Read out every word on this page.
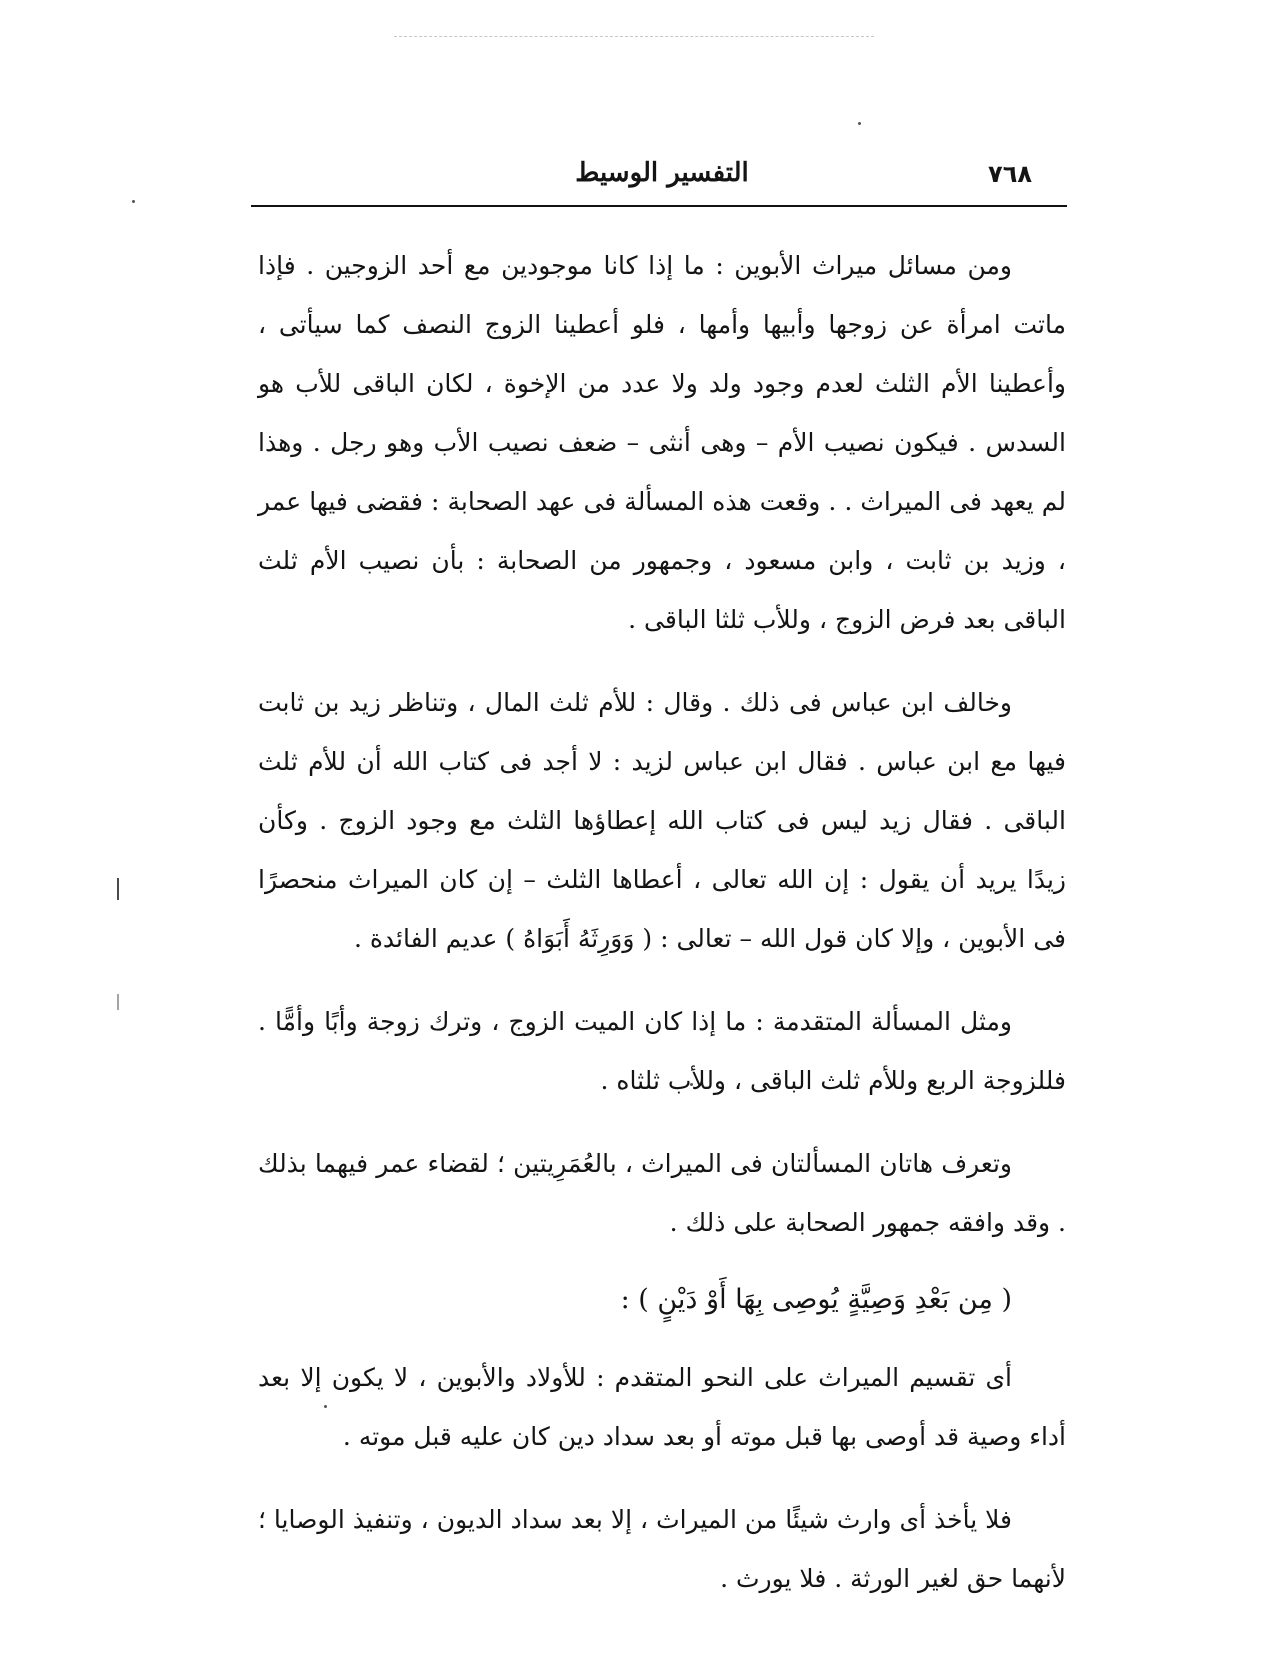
٧٦٨
التفسير الوسيط

ومن مسائل ميراث الأبوين : ما إذا كانا موجودين مع أحد الزوجين . فإذا ماتت امرأة عن زوجها وأبيها وأمها ، فلو أعطينا الزوج النصف كما سيأتى ، وأعطينا الأم الثلث لعدم وجود ولد ولا عدد من الإخوة ، لكان الباقى للأب هو السدس . فيكون نصيب الأم – وهى أنثى – ضعف نصيب الأب وهو رجل . وهذا لم يعهد فى الميراث . . وقعت هذه المسألة فى عهد الصحابة : فقضى فيها عمر ، وزيد بن ثابت ، وابن مسعود ، وجمهور من الصحابة : بأن نصيب الأم ثلث الباقى بعد فرض الزوج ، وللأب ثلثا الباقى .

وخالف ابن عباس فى ذلك . وقال : للأم ثلث المال ، وتناظر زيد بن ثابت فيها مع ابن عباس . فقال ابن عباس لزيد : لا أجد فى كتاب الله أن للأم ثلث الباقى . فقال زيد ليس فى كتاب الله إعطاؤها الثلث مع وجود الزوج . وكأن زيدًا يريد أن يقول : إن الله تعالى ، أعطاها الثلث – إن كان الميراث منحصرًا فى الأبوين ، وإلا كان قول الله – تعالى : ( وَوَرِثَهُ أَبَوَاهُ ) عديم الفائدة .

ومثل المسألة المتقدمة : ما إذا كان الميت الزوج ، وترك زوجة وأبًا وأمًّا . فللزوجة الربع وللأم ثلث الباقى ، وللأب ثلثاه .

وتعرف هاتان المسألتان فى الميراث ، بالعُمَرِيتين ؛ لقضاء عمر فيهما بذلك . وقد وافقه جمهور الصحابة على ذلك .

( مِن بَعْدِ وَصِيَّةٍ يُوصِى بِهَا أَوْ دَيْنٍ ) :

أى تقسيم الميراث على النحو المتقدم : للأولاد والأبوين ، لا يكون إلا بعد أداء وصية قد أوصى بها قبل موته أو بعد سداد دين كان عليه قبل موته .

فلا يأخذ أى وارث شيئًا من الميراث ، إلا بعد سداد الديون ، وتنفيذ الوصايا ؛ لأنهما حق لغير الورثة . فلا يورث .
